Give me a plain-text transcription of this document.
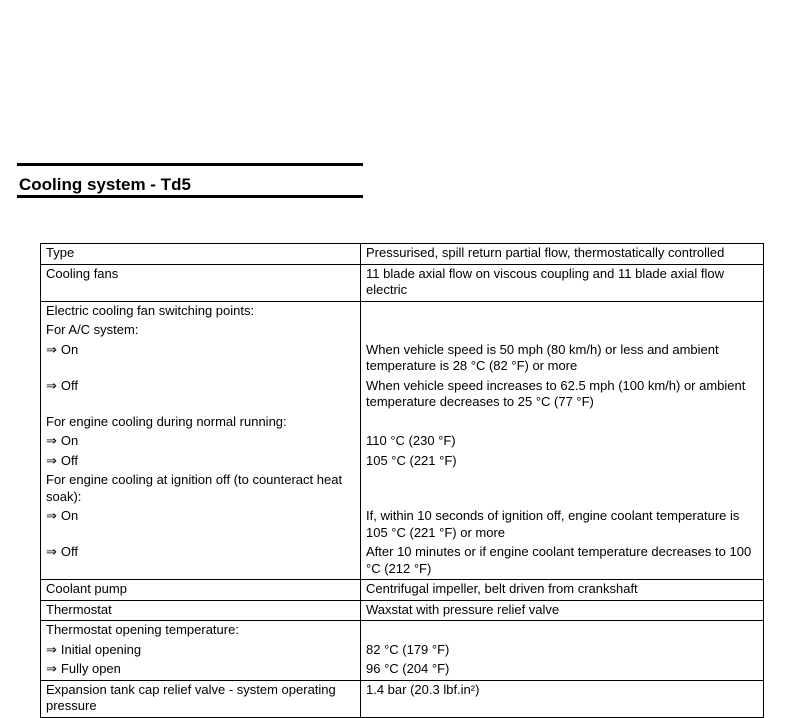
Cooling system - Td5
Type	Pressurised, spill return partial flow, thermostatically controlled
Cooling fans	11 blade axial flow on viscous coupling and 11 blade axial flow electric
Electric cooling fan switching points:	
For A/C system:	
⇒ On	When vehicle speed is 50 mph (80 km/h) or less and ambient temperature is 28 °C (82 °F) or more
⇒ Off	When vehicle speed increases to 62.5 mph (100 km/h) or ambient temperature decreases to 25 °C (77 °F)
For engine cooling during normal running:	
⇒ On	110 °C (230 °F)
⇒ Off	105 °C (221 °F)
For engine cooling at ignition off (to counteract heat soak):	
⇒ On	If, within 10 seconds of ignition off, engine coolant temperature is 105 °C (221 °F) or more
⇒ Off	After 10 minutes or if engine coolant temperature decreases to 100 °C (212 °F)
Coolant pump	Centrifugal impeller, belt driven from crankshaft
Thermostat	Waxstat with pressure relief valve
Thermostat opening temperature:	
⇒ Initial opening	82 °C (179 °F)
⇒ Fully open	96 °C (204 °F)
Expansion tank cap relief valve - system operating pressure	1.4 bar (20.3 lbf.in²)
